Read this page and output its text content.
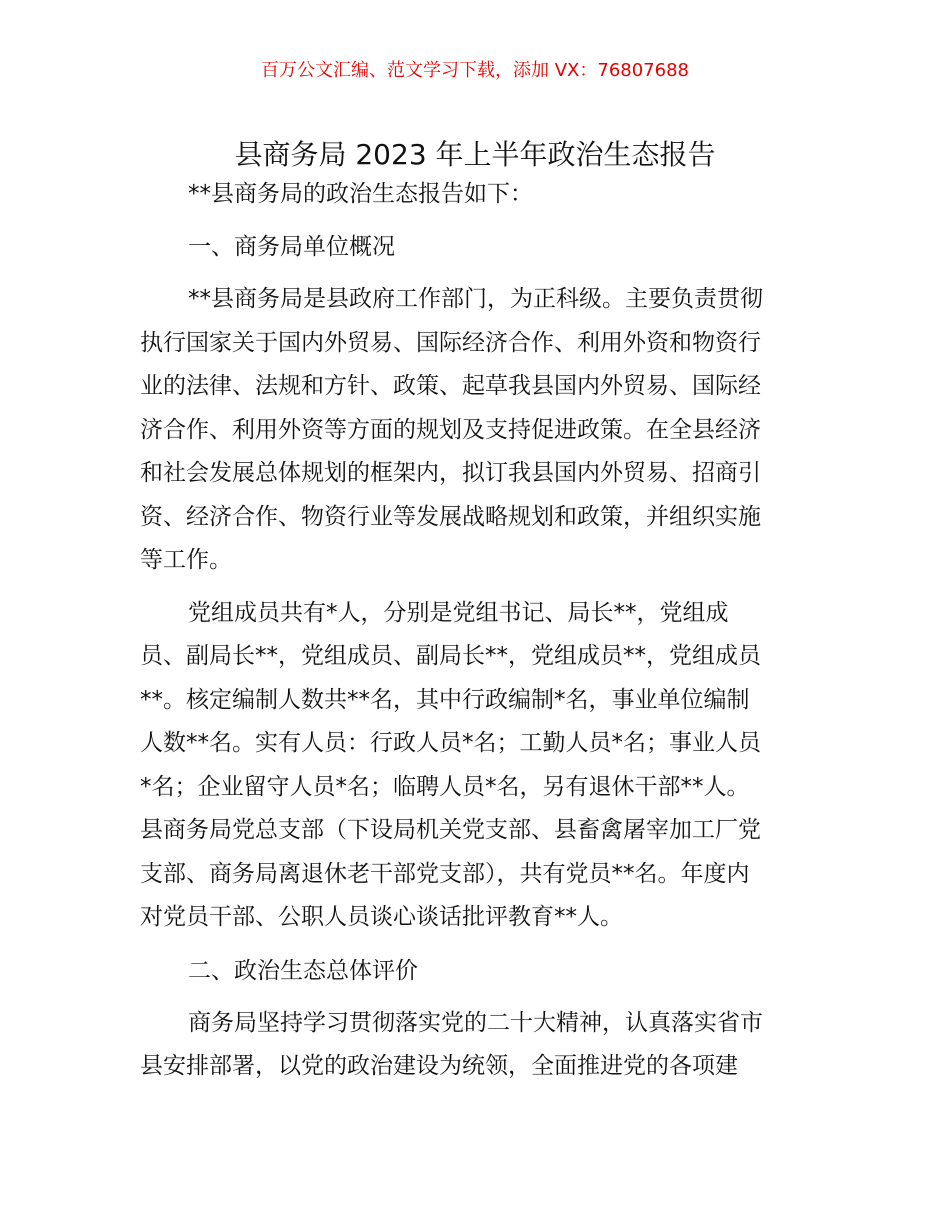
百万公文汇编、范文学习下载，添加 VX：76807688
县商务局 2023 年上半年政治生态报告
**县商务局的政治生态报告如下：
一、商务局单位概况
**县商务局是县政府工作部门，为正科级。主要负责贯彻
执行国家关于国内外贸易、国际经济合作、利用外资和物资行
业的法律、法规和方针、政策、起草我县国内外贸易、国际经
济合作、利用外资等方面的规划及支持促进政策。在全县经济
和社会发展总体规划的框架内，拟订我县国内外贸易、招商引
资、经济合作、物资行业等发展战略规划和政策，并组织实施
等工作。
党组成员共有*人，分别是党组书记、局长**，党组成
员、副局长**，党组成员、副局长**，党组成员**，党组成员
**。核定编制人数共**名，其中行政编制*名，事业单位编制
人数**名。实有人员：行政人员*名；工勤人员*名；事业人员
*名；企业留守人员*名；临聘人员*名，另有退休干部**人。
县商务局党总支部（下设局机关党支部、县畜禽屠宰加工厂党
支部、商务局离退休老干部党支部），共有党员**名。年度内
对党员干部、公职人员谈心谈话批评教育**人。
二、政治生态总体评价
商务局坚持学习贯彻落实党的二十大精神，认真落实省市
县安排部署，以党的政治建设为统领，全面推进党的各项建
